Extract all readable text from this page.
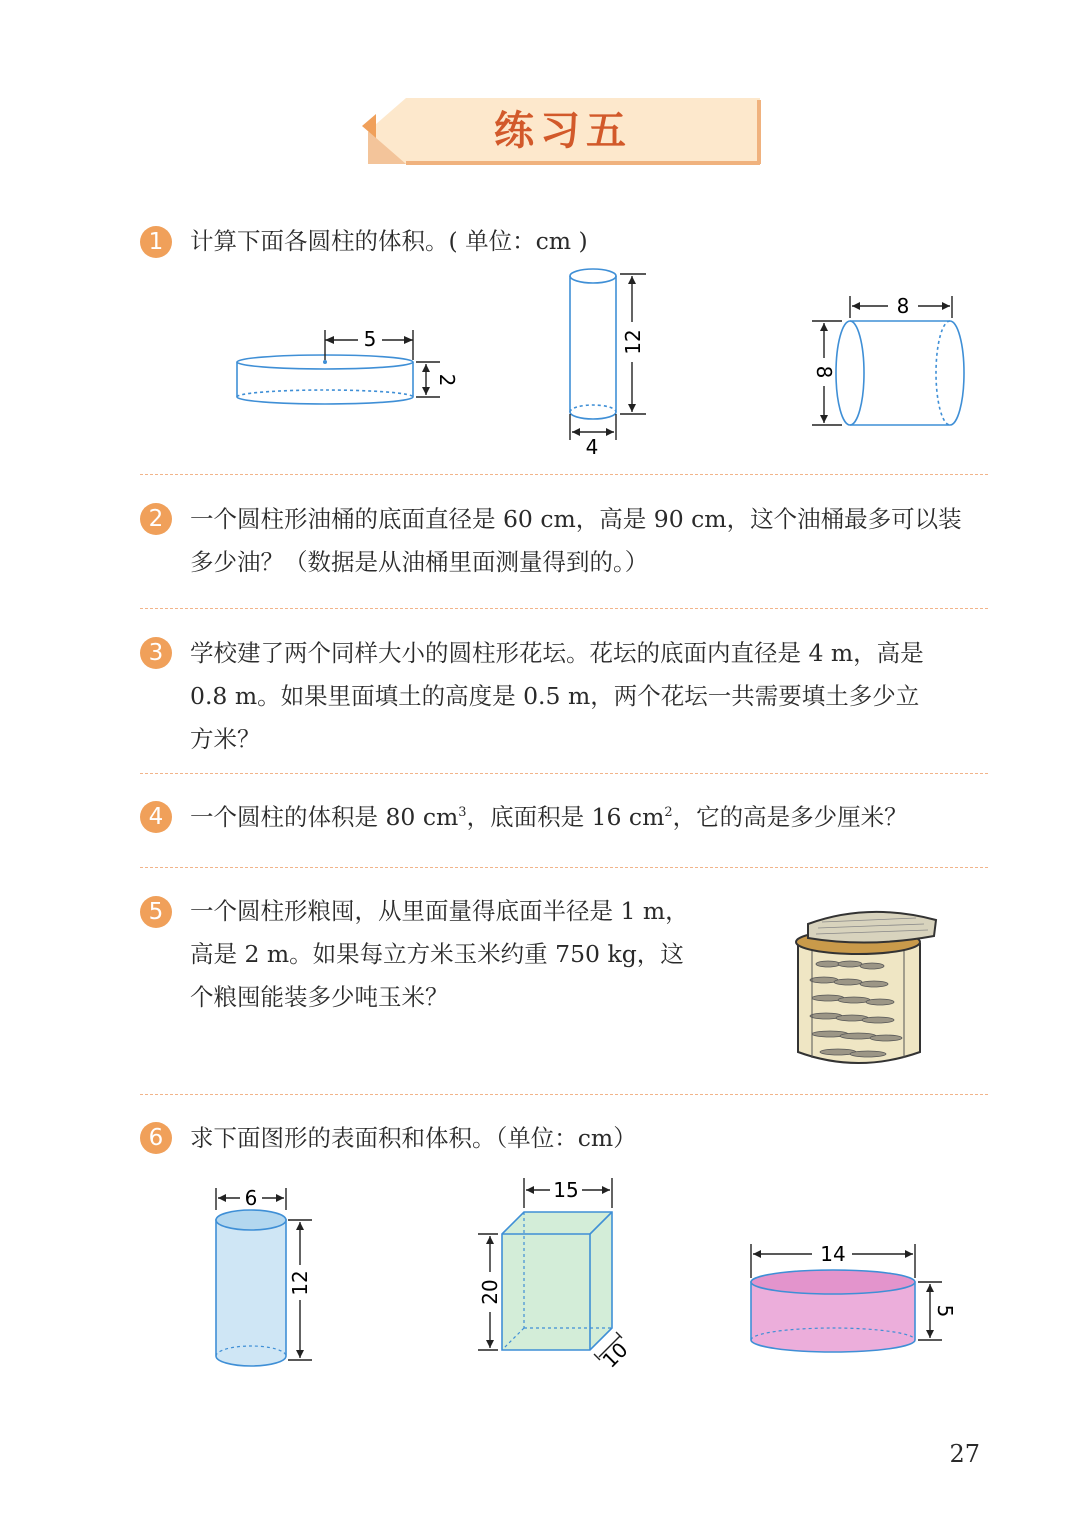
练习五
1	计算下面各圆柱的体积。( 单位：cm )
5
2
12
4
8
8
2	一个圆柱形油桶的底面直径是 60 cm，高是 90 cm，这个油桶最多可以装
多少油？（数据是从油桶里面测量得到的。）
3	学校建了两个同样大小的圆柱形花坛。花坛的底面内直径是 4 m，高是
0.8 m。如果里面填土的高度是 0.5 m，两个花坛一共需要填土多少立
方米？
4	一个圆柱的体积是 80 $cm^3$，底面积是 16 $cm^2$，它的高是多少厘米？
5	一个圆柱形粮囤，从里面量得底面半径是 1 m，
高是 2 m。如果每立方米玉米约重 750 kg，这
个粮囤能装多少吨玉米？
6	求下面图形的表面积和体积。（单位：cm）
6
12
15
20
10
14
5
27
